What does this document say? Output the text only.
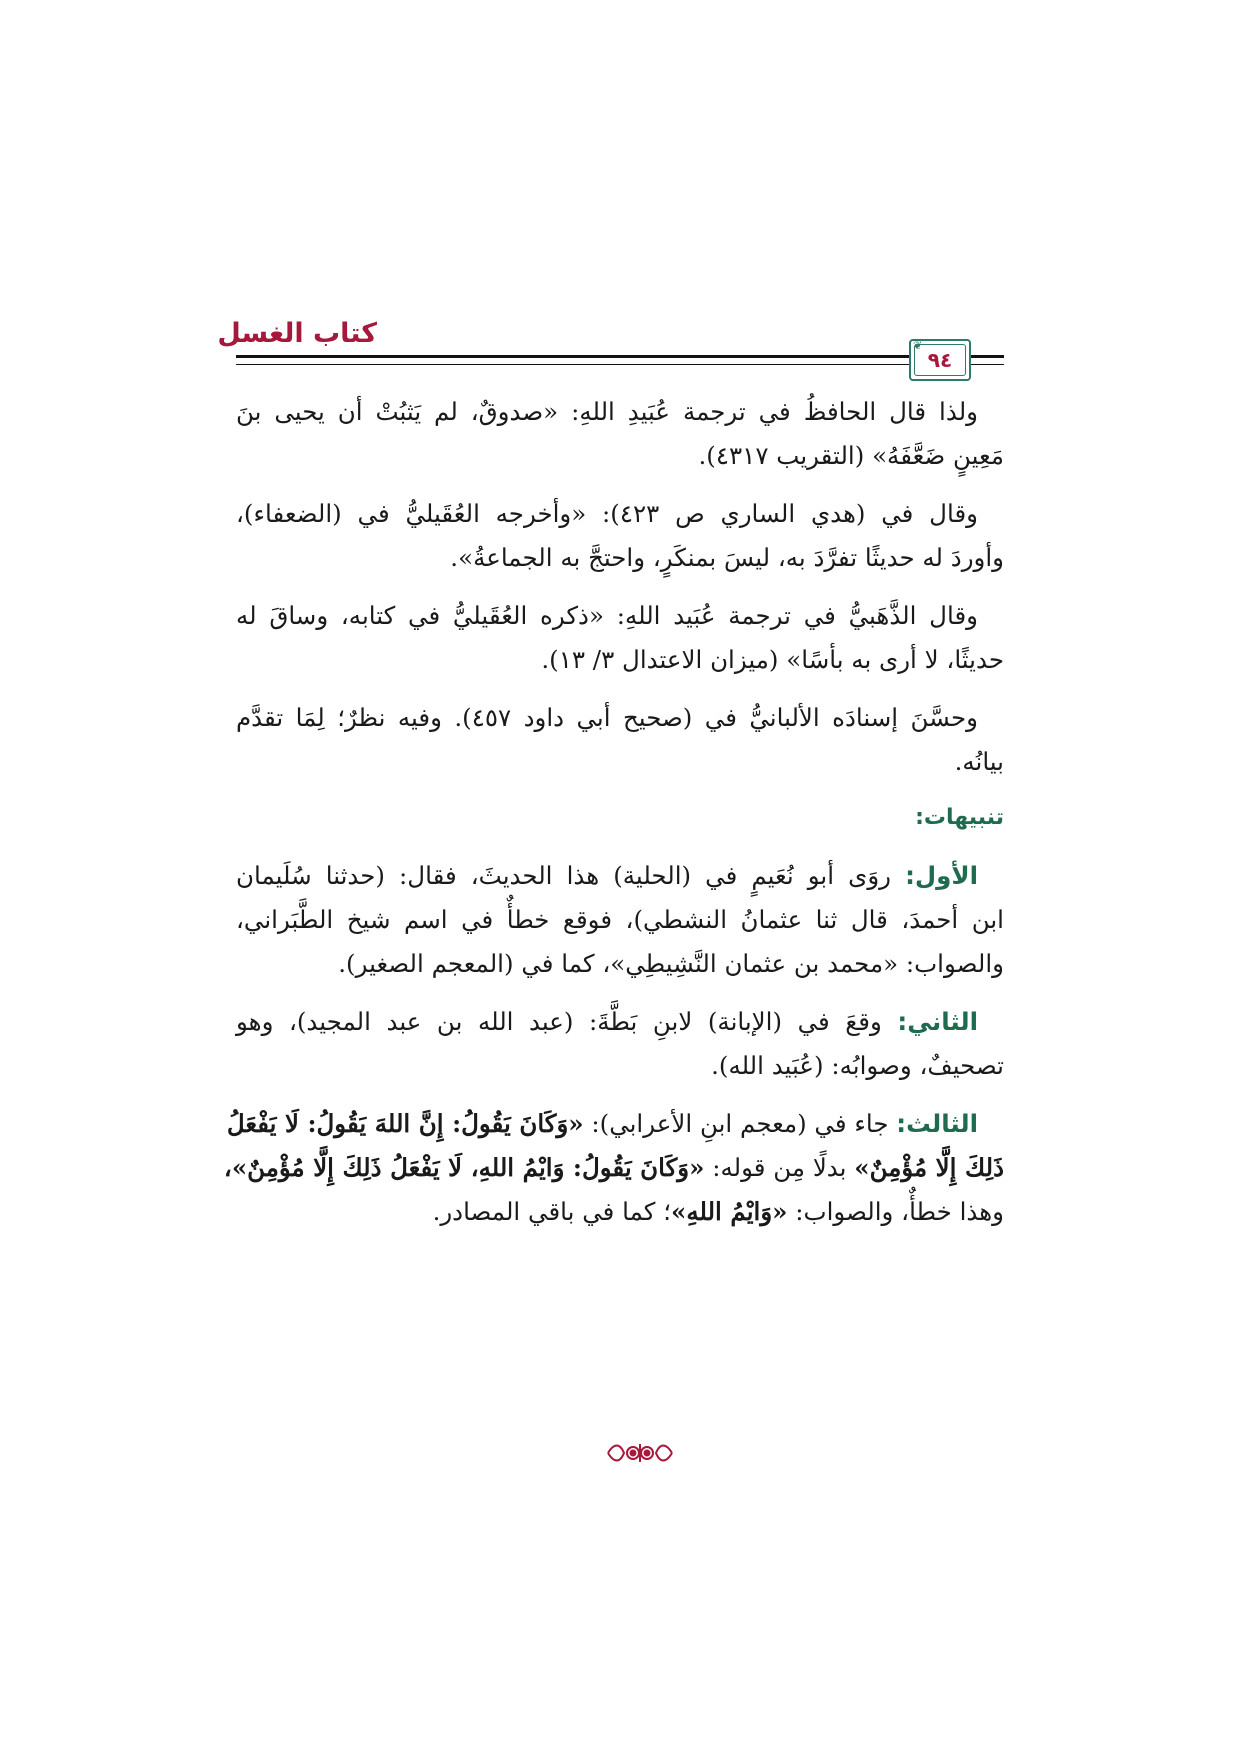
كتاب الغسل
٩٤
❦

ولذا قال الحافظُ في ترجمة عُبَيدِ اللهِ: «صدوقٌ، لم يَثبُتْ أن يحيى بنَ
مَعِينٍ ضَعَّفَهُ» (التقريب ٤٣١٧).

وقال في (هدي الساري ص ٤٢٣): «وأخرجه العُقَيليُّ في (الضعفاء)،
وأوردَ له حديثًا تفرَّدَ به، ليسَ بمنكَرٍ، واحتجَّ به الجماعةُ».

وقال الذَّهَبيُّ في ترجمة عُبَيد اللهِ: «ذكره العُقَيليُّ في كتابه، وساقَ له
حديثًا، لا أرى به بأسًا» (ميزان الاعتدال ٣/ ١٣).

وحسَّنَ إسنادَه الألبانيُّ في (صحيح أبي داود ٤٥٧). وفيه نظرٌ؛ لِمَا تقدَّم
بيانُه.

تنبيهات:

الأول: روَى أبو نُعَيمٍ في (الحلية) هذا الحديثَ، فقال: (حدثنا سُلَيمان
ابن أحمدَ، قال ثنا عثمانُ النشطي)، فوقع خطأٌ في اسم شيخ الطَّبَراني،
والصواب: «محمد بن عثمان النَّشِيطِي»، كما في (المعجم الصغير).

الثاني: وقعَ في (الإبانة) لابنِ بَطَّةَ: (عبد الله بن عبد المجيد)، وهو
تصحيفٌ، وصوابُه: (عُبَيد الله).

الثالث: جاء في (معجم ابنِ الأعرابي): «وَكَانَ يَقُولُ: إِنَّ اللهَ يَقُولُ: لَا يَفْعَلُ
ذَلِكَ إِلَّا مُؤْمِنٌ» بدلًا مِن قوله: «وَكَانَ يَقُولُ: وَايْمُ اللهِ، لَا يَفْعَلُ ذَلِكَ إِلَّا مُؤْمِنٌ»،
وهذا خطأٌ، والصواب: «وَايْمُ اللهِ»؛ كما في باقي المصادر.
